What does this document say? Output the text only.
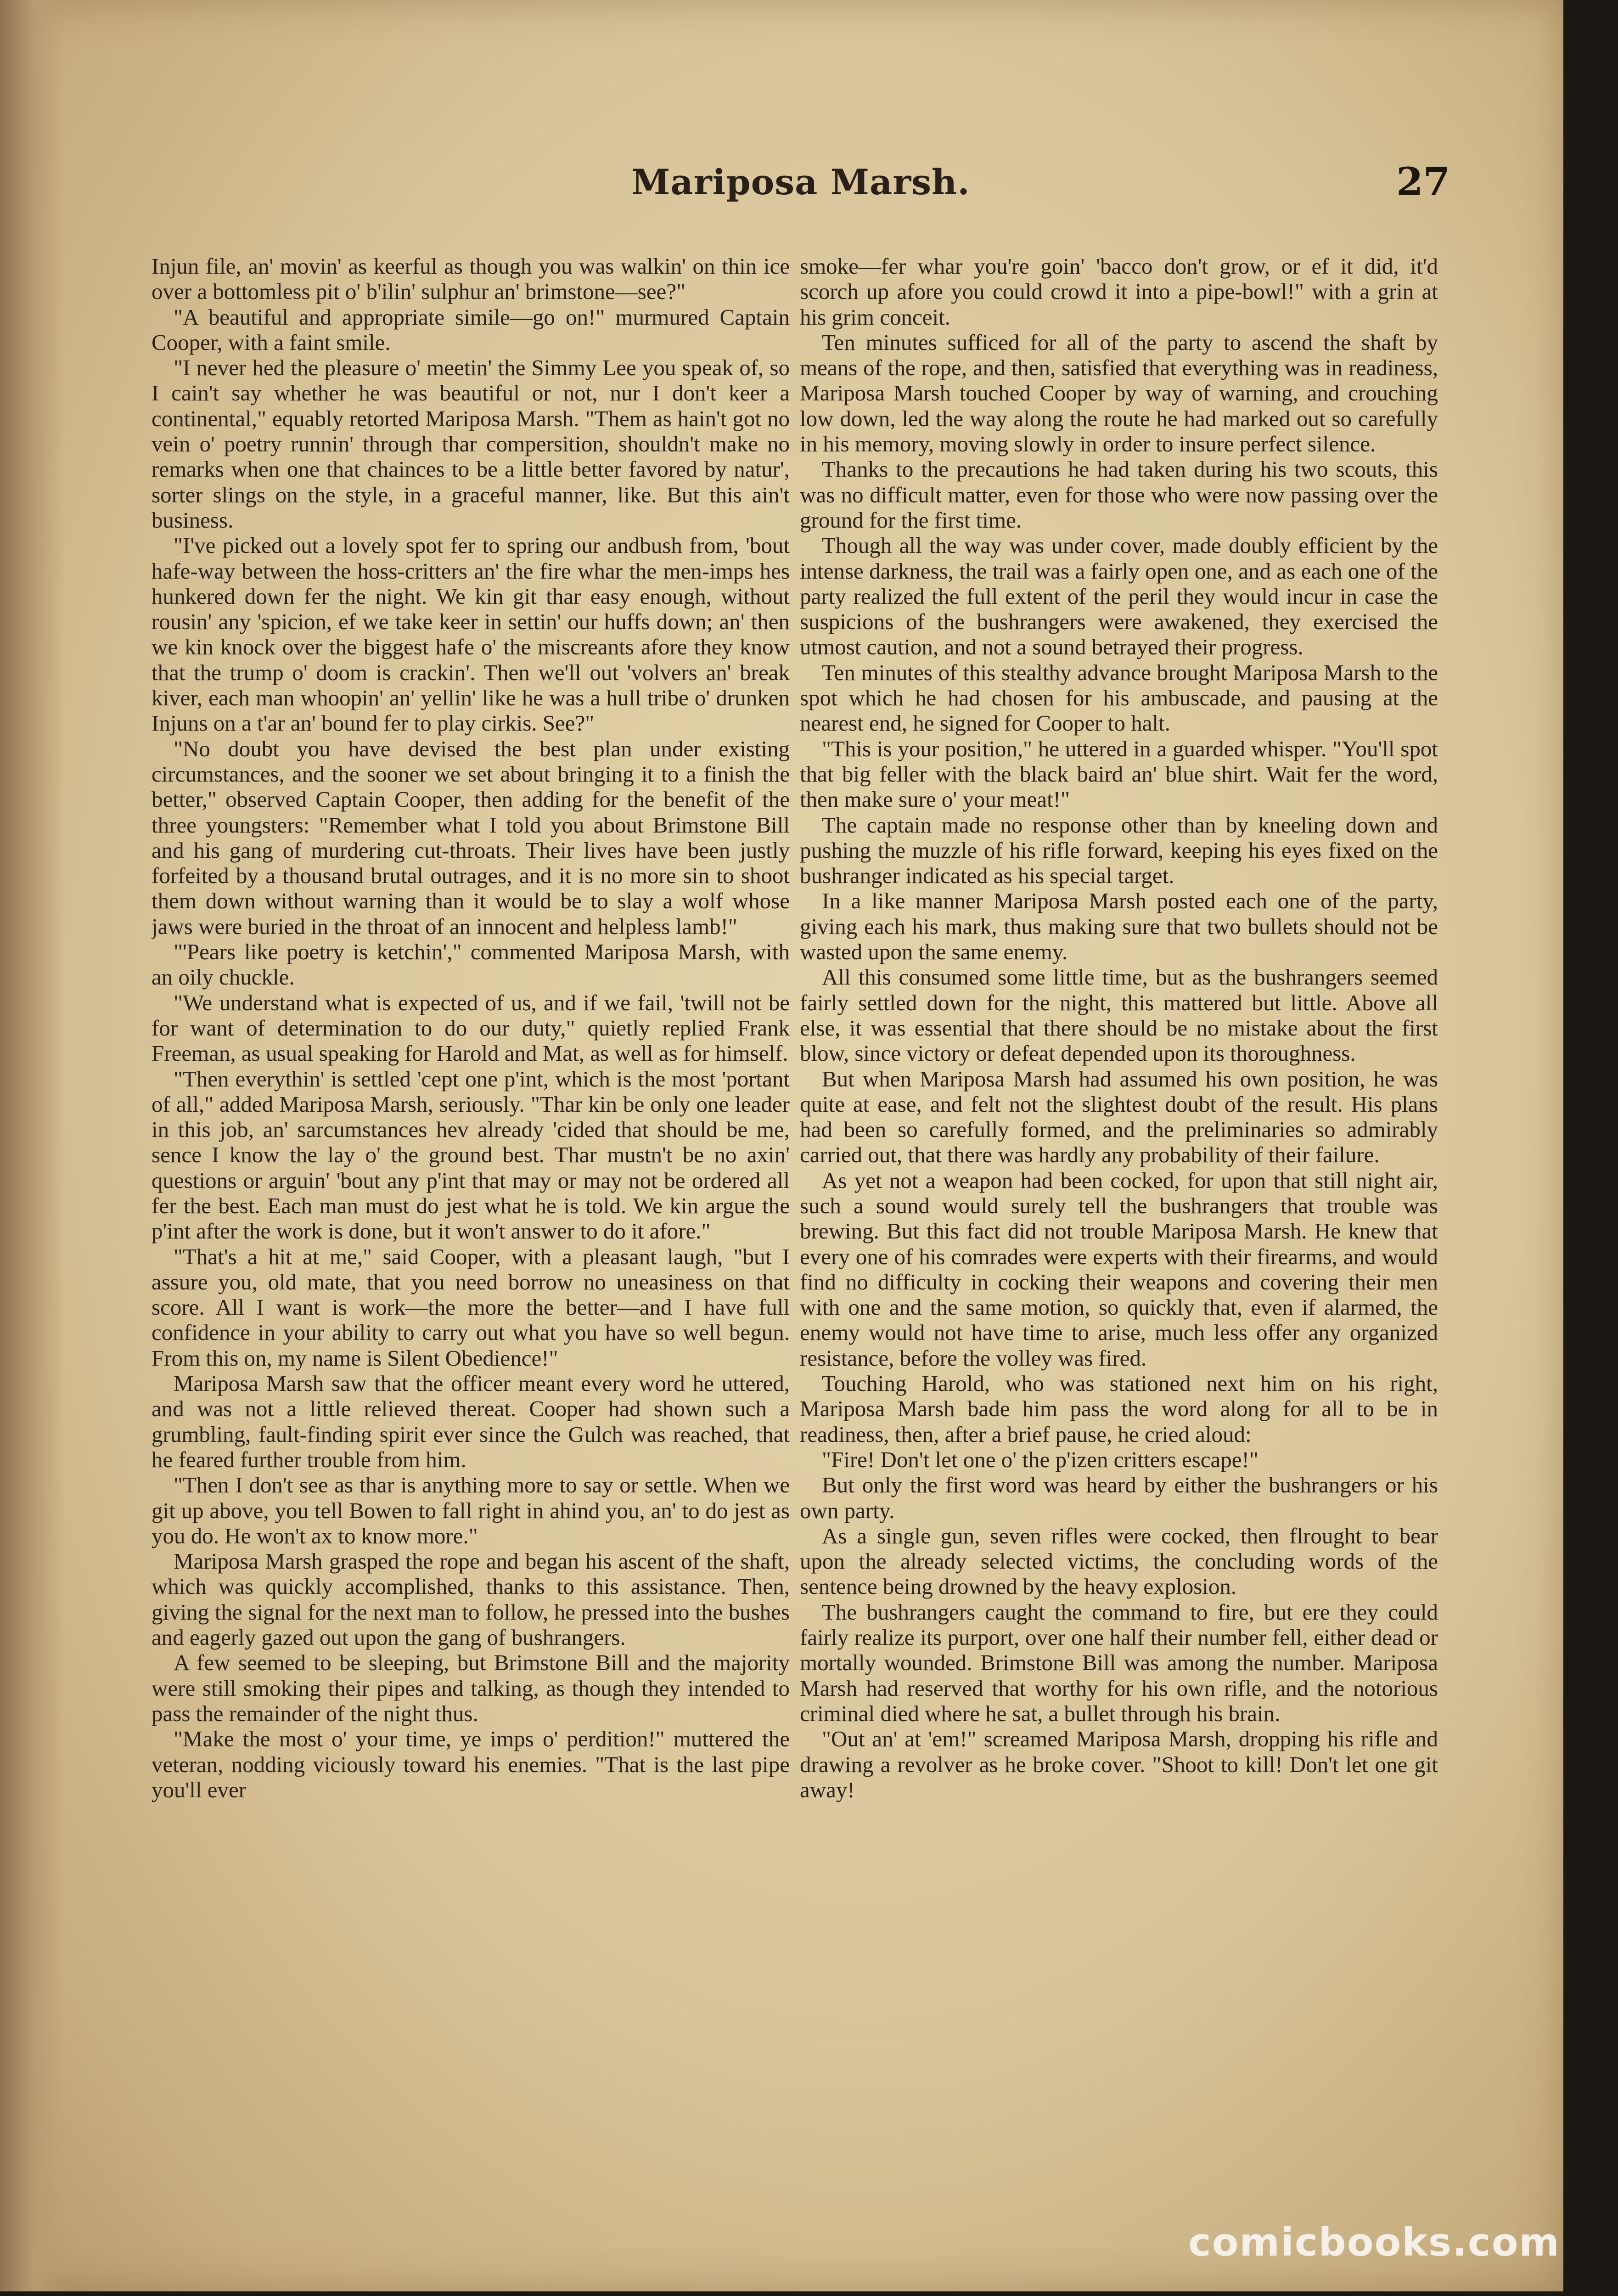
Mariposa Marsh.	27

Injun file, an' movin' as keerful as though you was walkin' on thin ice over a bottomless pit o' b'ilin' sulphur an' brimstone—see?"

"A beautiful and appropriate simile—go on!" murmured Captain Cooper, with a faint smile.

"I never hed the pleasure o' meetin' the Simmy Lee you speak of, so I cain't say whether he was beautiful or not, nur I don't keer a continental," equably retorted Mariposa Marsh. "Them as hain't got no vein o' poetry runnin' through thar compersition, shouldn't make no remarks when one that chainces to be a little better favored by natur', sorter slings on the style, in a graceful manner, like. But this ain't business.

"I've picked out a lovely spot fer to spring our andbush from, 'bout hafe-way between the hoss-critters an' the fire whar the men-imps hes hunkered down fer the night. We kin git thar easy enough, without rousin' any 'spicion, ef we take keer in settin' our huffs down; an' then we kin knock over the biggest hafe o' the miscreants afore they know that the trump o' doom is crackin'. Then we'll out 'volvers an' break kiver, each man whoopin' an' yellin' like he was a hull tribe o' drunken Injuns on a t'ar an' bound fer to play cirkis. See?"

"No doubt you have devised the best plan under existing circumstances, and the sooner we set about bringing it to a finish the better," observed Captain Cooper, then adding for the benefit of the three youngsters: "Remember what I told you about Brimstone Bill and his gang of murdering cut-throats. Their lives have been justly forfeited by a thousand brutal outrages, and it is no more sin to shoot them down without warning than it would be to slay a wolf whose jaws were buried in the throat of an innocent and helpless lamb!"

"'Pears like poetry is ketchin'," commented Mariposa Marsh, with an oily chuckle.

"We understand what is expected of us, and if we fail, 'twill not be for want of determination to do our duty," quietly replied Frank Freeman, as usual speaking for Harold and Mat, as well as for himself.

"Then everythin' is settled 'cept one p'int, which is the most 'portant of all," added Mariposa Marsh, seriously. "Thar kin be only one leader in this job, an' sarcumstances hev already 'cided that should be me, sence I know the lay o' the ground best. Thar mustn't be no axin' questions or arguin' 'bout any p'int that may or may not be ordered all fer the best. Each man must do jest what he is told. We kin argue the p'int after the work is done, but it won't answer to do it afore."

"That's a hit at me," said Cooper, with a pleasant laugh, "but I assure you, old mate, that you need borrow no uneasiness on that score. All I want is work—the more the better—and I have full confidence in your ability to carry out what you have so well begun. From this on, my name is Silent Obedience!"

Mariposa Marsh saw that the officer meant every word he uttered, and was not a little relieved thereat. Cooper had shown such a grumbling, fault-finding spirit ever since the Gulch was reached, that he feared further trouble from him.

"Then I don't see as thar is anything more to say or settle. When we git up above, you tell Bowen to fall right in ahind you, an' to do jest as you do. He won't ax to know more."

Mariposa Marsh grasped the rope and began his ascent of the shaft, which was quickly accomplished, thanks to this assistance. Then, giving the signal for the next man to follow, he pressed into the bushes and eagerly gazed out upon the gang of bushrangers.

A few seemed to be sleeping, but Brimstone Bill and the majority were still smoking their pipes and talking, as though they intended to pass the remainder of the night thus.

"Make the most o' your time, ye imps o' perdition!" muttered the veteran, nodding viciously toward his enemies. "That is the last pipe you'll ever

smoke—fer whar you're goin' 'bacco don't grow, or ef it did, it'd scorch up afore you could crowd it into a pipe-bowl!" with a grin at his grim conceit.

Ten minutes sufficed for all of the party to ascend the shaft by means of the rope, and then, satisfied that everything was in readiness, Mariposa Marsh touched Cooper by way of warning, and crouching low down, led the way along the route he had marked out so carefully in his memory, moving slowly in order to insure perfect silence.

Thanks to the precautions he had taken during his two scouts, this was no difficult matter, even for those who were now passing over the ground for the first time.

Though all the way was under cover, made doubly efficient by the intense darkness, the trail was a fairly open one, and as each one of the party realized the full extent of the peril they would incur in case the suspicions of the bushrangers were awakened, they exercised the utmost caution, and not a sound betrayed their progress.

Ten minutes of this stealthy advance brought Mariposa Marsh to the spot which he had chosen for his ambuscade, and pausing at the nearest end, he signed for Cooper to halt.

"This is your position," he uttered in a guarded whisper. "You'll spot that big feller with the black baird an' blue shirt. Wait fer the word, then make sure o' your meat!"

The captain made no response other than by kneeling down and pushing the muzzle of his rifle forward, keeping his eyes fixed on the bushranger indicated as his special target.

In a like manner Mariposa Marsh posted each one of the party, giving each his mark, thus making sure that two bullets should not be wasted upon the same enemy.

All this consumed some little time, but as the bushrangers seemed fairly settled down for the night, this mattered but little. Above all else, it was essential that there should be no mistake about the first blow, since victory or defeat depended upon its thoroughness.

But when Mariposa Marsh had assumed his own position, he was quite at ease, and felt not the slightest doubt of the result. His plans had been so carefully formed, and the preliminaries so admirably carried out, that there was hardly any probability of their failure.

As yet not a weapon had been cocked, for upon that still night air, such a sound would surely tell the bushrangers that trouble was brewing. But this fact did not trouble Mariposa Marsh. He knew that every one of his comrades were experts with their firearms, and would find no difficulty in cocking their weapons and covering their men with one and the same motion, so quickly that, even if alarmed, the enemy would not have time to arise, much less offer any organized resistance, before the volley was fired.

Touching Harold, who was stationed next him on his right, Mariposa Marsh bade him pass the word along for all to be in readiness, then, after a brief pause, he cried aloud:

"Fire! Don't let one o' the p'izen critters escape!"

But only the first word was heard by either the bushrangers or his own party.

As a single gun, seven rifles were cocked, then flrought to bear upon the already selected victims, the concluding words of the sentence being drowned by the heavy explosion.

The bushrangers caught the command to fire, but ere they could fairly realize its purport, over one half their number fell, either dead or mortally wounded. Brimstone Bill was among the number. Mariposa Marsh had reserved that worthy for his own rifle, and the notorious criminal died where he sat, a bullet through his brain.

"Out an' at 'em!" screamed Mariposa Marsh, dropping his rifle and drawing a revolver as he broke cover. "Shoot to kill! Don't let one git away!

comicbooks.com
